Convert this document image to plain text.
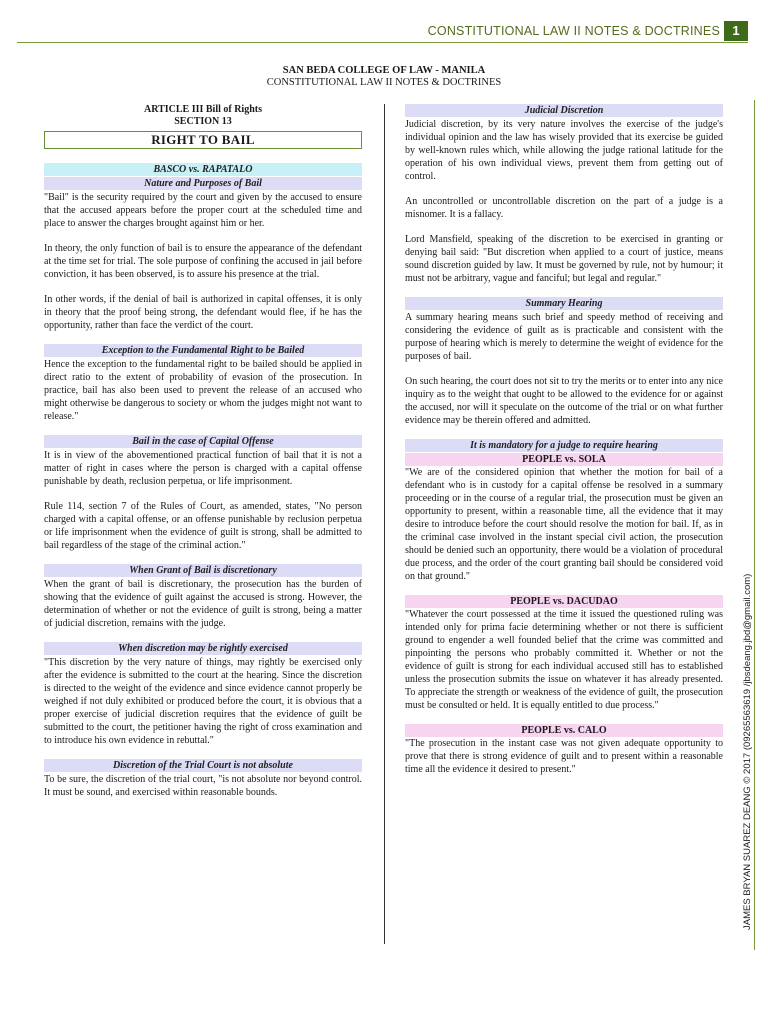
CONSTITUTIONAL LAW II NOTES & DOCTRINES 1
SAN BEDA COLLEGE OF LAW - MANILA
CONSTITUTIONAL LAW II NOTES & DOCTRINES
ARTICLE III Bill of Rights
SECTION 13
RIGHT TO BAIL
BASCO vs. RAPATALO
Nature and Purposes of Bail

"Bail" is the security required by the court and given by the accused to ensure that the accused appears before the proper court at the scheduled time and place to answer the charges brought against him or her.

In theory, the only function of bail is to ensure the appearance of the defendant at the time set for trial. The sole purpose of confining the accused in jail before conviction, it has been observed, is to assure his presence at the trial.

In other words, if the denial of bail is authorized in capital offenses, it is only in theory that the proof being strong, the defendant would flee, if he has the opportunity, rather than face the verdict of the court.

Exception to the Fundamental Right to be Bailed

Hence the exception to the fundamental right to be bailed should be applied in direct ratio to the extent of probability of evasion of the prosecution. In practice, bail has also been used to prevent the release of an accused who might otherwise be dangerous to society or whom the judges might not want to release."

Bail in the case of Capital Offense

It is in view of the abovementioned practical function of bail that it is not a matter of right in cases where the person is charged with a capital offense punishable by death, reclusion perpetua, or life imprisonment.

Rule 114, section 7 of the Rules of Court, as amended, states, "No person charged with a capital offense, or an offense punishable by reclusion perpetua or life imprisonment when the evidence of guilt is strong, shall be admitted to bail regardless of the stage of the criminal action."

When Grant of Bail is discretionary

When the grant of bail is discretionary, the prosecution has the burden of showing that the evidence of guilt against the accused is strong. However, the determination of whether or not the evidence of guilt is strong, being a matter of judicial discretion, remains with the judge.

When discretion may be rightly exercised

"This discretion by the very nature of things, may rightly be exercised only after the evidence is submitted to the court at the hearing. Since the discretion is directed to the weight of the evidence and since evidence cannot properly be weighed if not duly exhibited or produced before the court, it is obvious that a proper exercise of judicial discretion requires that the evidence of guilt be submitted to the court, the petitioner having the right of cross examination and to introduce his own evidence in rebuttal."

Discretion of the Trial Court is not absolute

To be sure, the discretion of the trial court, "is not absolute nor beyond control. It must be sound, and exercised within reasonable bounds.

Judicial Discretion

Judicial discretion, by its very nature involves the exercise of the judge's individual opinion and the law has wisely provided that its exercise be guided by well-known rules which, while allowing the judge rational latitude for the operation of his own individual views, prevent them from getting out of control.

An uncontrolled or uncontrollable discretion on the part of a judge is a misnomer. It is a fallacy.

Lord Mansfield, speaking of the discretion to be exercised in granting or denying bail said: "But discretion when applied to a court of justice, means sound discretion guided by law. It must be governed by rule, not by humour; it must not be arbitrary, vague and fanciful; but legal and regular."

Summary Hearing

A summary hearing means such brief and speedy method of receiving and considering the evidence of guilt as is practicable and consistent with the purpose of hearing which is merely to determine the weight of evidence for the purposes of bail.

On such hearing, the court does not sit to try the merits or to enter into any nice inquiry as to the weight that ought to be allowed to the evidence for or against the accused, nor will it speculate on the outcome of the trial or on what further evidence may be therein offered and admitted.

It is mandatory for a judge to require hearing
PEOPLE vs. SOLA

"We are of the considered opinion that whether the motion for bail of a defendant who is in custody for a capital offense be resolved in a summary proceeding or in the course of a regular trial, the prosecution must be given an opportunity to present, within a reasonable time, all the evidence that it may desire to introduce before the court should resolve the motion for bail. If, as in the criminal case involved in the instant special civil action, the prosecution should be denied such an opportunity, there would be a violation of procedural due process, and the order of the court granting bail should be considered void on that ground."

PEOPLE vs. DACUDAO

"Whatever the court possessed at the time it issued the questioned ruling was intended only for prima facie determining whether or not there is sufficient ground to engender a well founded belief that the crime was committed and pinpointing the persons who probably committed it. Whether or not the evidence of guilt is strong for each individual accused still has to established unless the prosecution submits the issue on whatever it has already presented. To appreciate the strength or weakness of the evidence of guilt, the prosecution must be consulted or held. It is equally entitled to due process."

PEOPLE vs. CALO

"The prosecution in the instant case was not given adequate opportunity to prove that there is strong evidence of guilt and to present within a reasonable time all the evidence it desired to present."	JAMES BRYAN SUAREZ DEANG © 2017 (09265563619 /jbsdeang.jbd@gmail.com)
